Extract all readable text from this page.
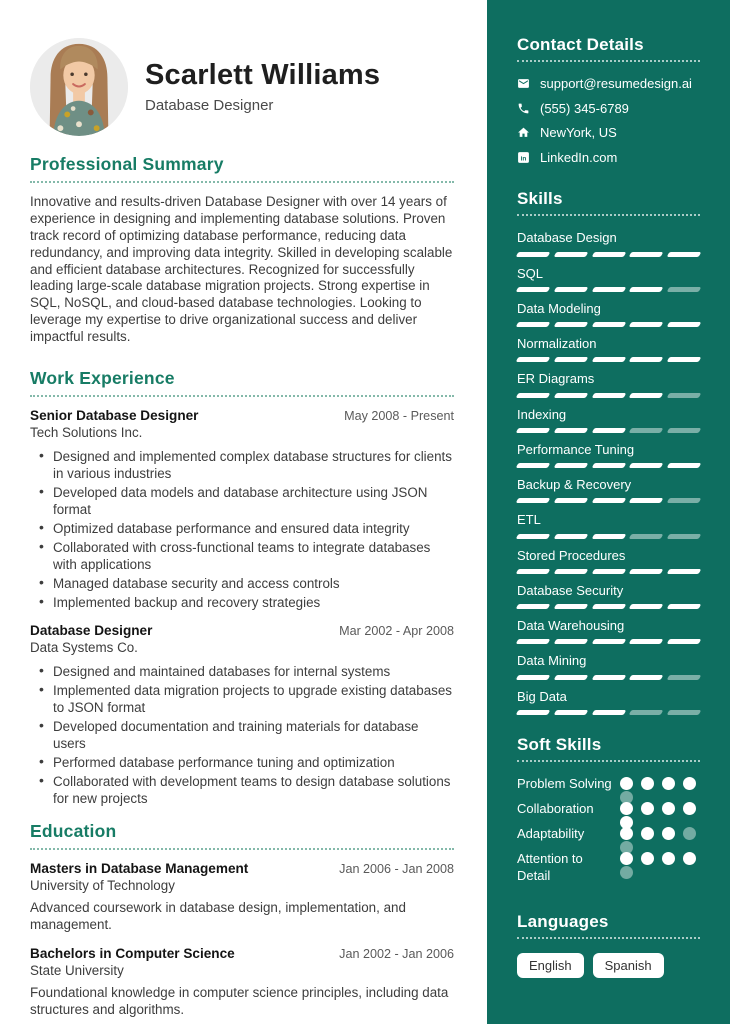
Scarlett Williams
Database Designer
Professional Summary
Innovative and results-driven Database Designer with over 14 years of experience in designing and implementing database solutions. Proven track record of optimizing database performance, reducing data redundancy, and improving data integrity. Skilled in developing scalable and efficient database architectures. Recognized for successfully leading large-scale database migration projects. Strong expertise in SQL, NoSQL, and cloud-based database technologies. Looking to leverage my expertise to drive organizational success and deliver impactful results.
Work Experience
Senior Database Designer	May 2008 - Present
Tech Solutions Inc.
• Designed and implemented complex database structures for clients in various industries
• Developed data models and database architecture using JSON format
• Optimized database performance and ensured data integrity
• Collaborated with cross-functional teams to integrate databases with applications
• Managed database security and access controls
• Implemented backup and recovery strategies
Database Designer	Mar 2002 - Apr 2008
Data Systems Co.
• Designed and maintained databases for internal systems
• Implemented data migration projects to upgrade existing databases to JSON format
• Developed documentation and training materials for database users
• Performed database performance tuning and optimization
• Collaborated with development teams to design database solutions for new projects
Education
Masters in Database Management	Jan 2006 - Jan 2008
University of Technology
Advanced coursework in database design, implementation, and management.
Bachelors in Computer Science	Jan 2002 - Jan 2006
State University
Foundational knowledge in computer science principles, including data structures and algorithms.
Contact Details
support@resumedesign.ai
(555) 345-6789
NewYork, US
in LinkedIn.com
Skills
Database Design
SQL
Data Modeling
Normalization
ER Diagrams
Indexing
Performance Tuning
Backup & Recovery
ETL
Stored Procedures
Database Security
Data Warehousing
Data Mining
Big Data
Soft Skills
Problem Solving
Collaboration
Adaptability
Attention to Detail
Languages
English	Spanish
